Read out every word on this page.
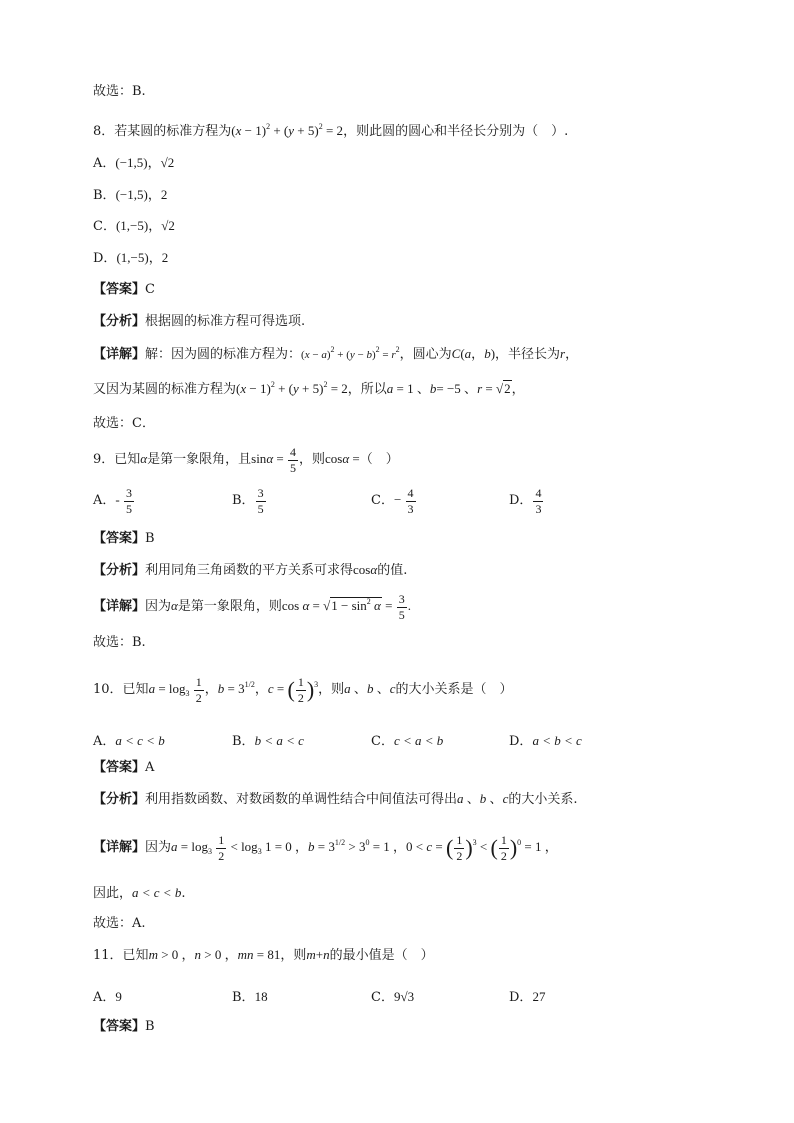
故选：B.
8．若某圆的标准方程为$(x - 1)^2 + (y + 5)^2 = 2$，则此圆的圆心和半径长分别为（　）.
A．(−1,5)，√2
B．(−1,5)，2
C．(1,−5)，√2
D．(1,−5)，2
【答案】C
【分析】根据圆的标准方程可得选项.
【详解】解：因为圆的标准方程为：$(x - a)^2 + (y - b)^2 = r^2$，圆心为C(a，b)，半径长为r，
又因为某圆的标准方程为$(x - 1)^2 + (y + 5)^2 = 2$，所以a = 1 、b= −5 、r = √2，
故选：C．
9．已知α是第一象限角，且$\sin\alpha = \frac{4}{5}$ ，则cosα =（　）
A．- $\frac{3}{5}$	B． $\frac{3}{5}$	C．− $\frac{4}{3}$	D． $\frac{4}{3}$
【答案】B
【分析】利用同角三角函数的平方关系可求得cosα的值.
【详解】因为α是第一象限角，则$\cos \alpha = √1 - \sin^2 \alpha = \frac{3}{5}$ .
故选：B.
10．已知$a = \log_3 \frac{1}{2}$ ，$b = 3^{1/2}$，c = ( $\frac{1}{2} )^3$，则a 、b 、c的大小关系是（　）
A．a < c < b	B．b < a < c	C．c < a < b	D．a < b < c
【答案】A
【分析】利用指数函数、对数函数的单调性结合中间值法可得出a 、b 、c的大小关系.
【详解】因为$a = \log_3 \frac{1}{2} < \log_3 1 = 0$ ，$b = 3^{1/2} > 3^0 = 1$ ，0 < c = ( $\frac{1}{2} )^3$ < ( $\frac{1}{2} )^0 = 1$ ，
因此，a < c < b.
故选：A.
11．已知m > 0 ，n > 0 ，mn = 81，则m+n的最小值是（　）
A．9	B．18	C．9√3	D．27
【答案】B
